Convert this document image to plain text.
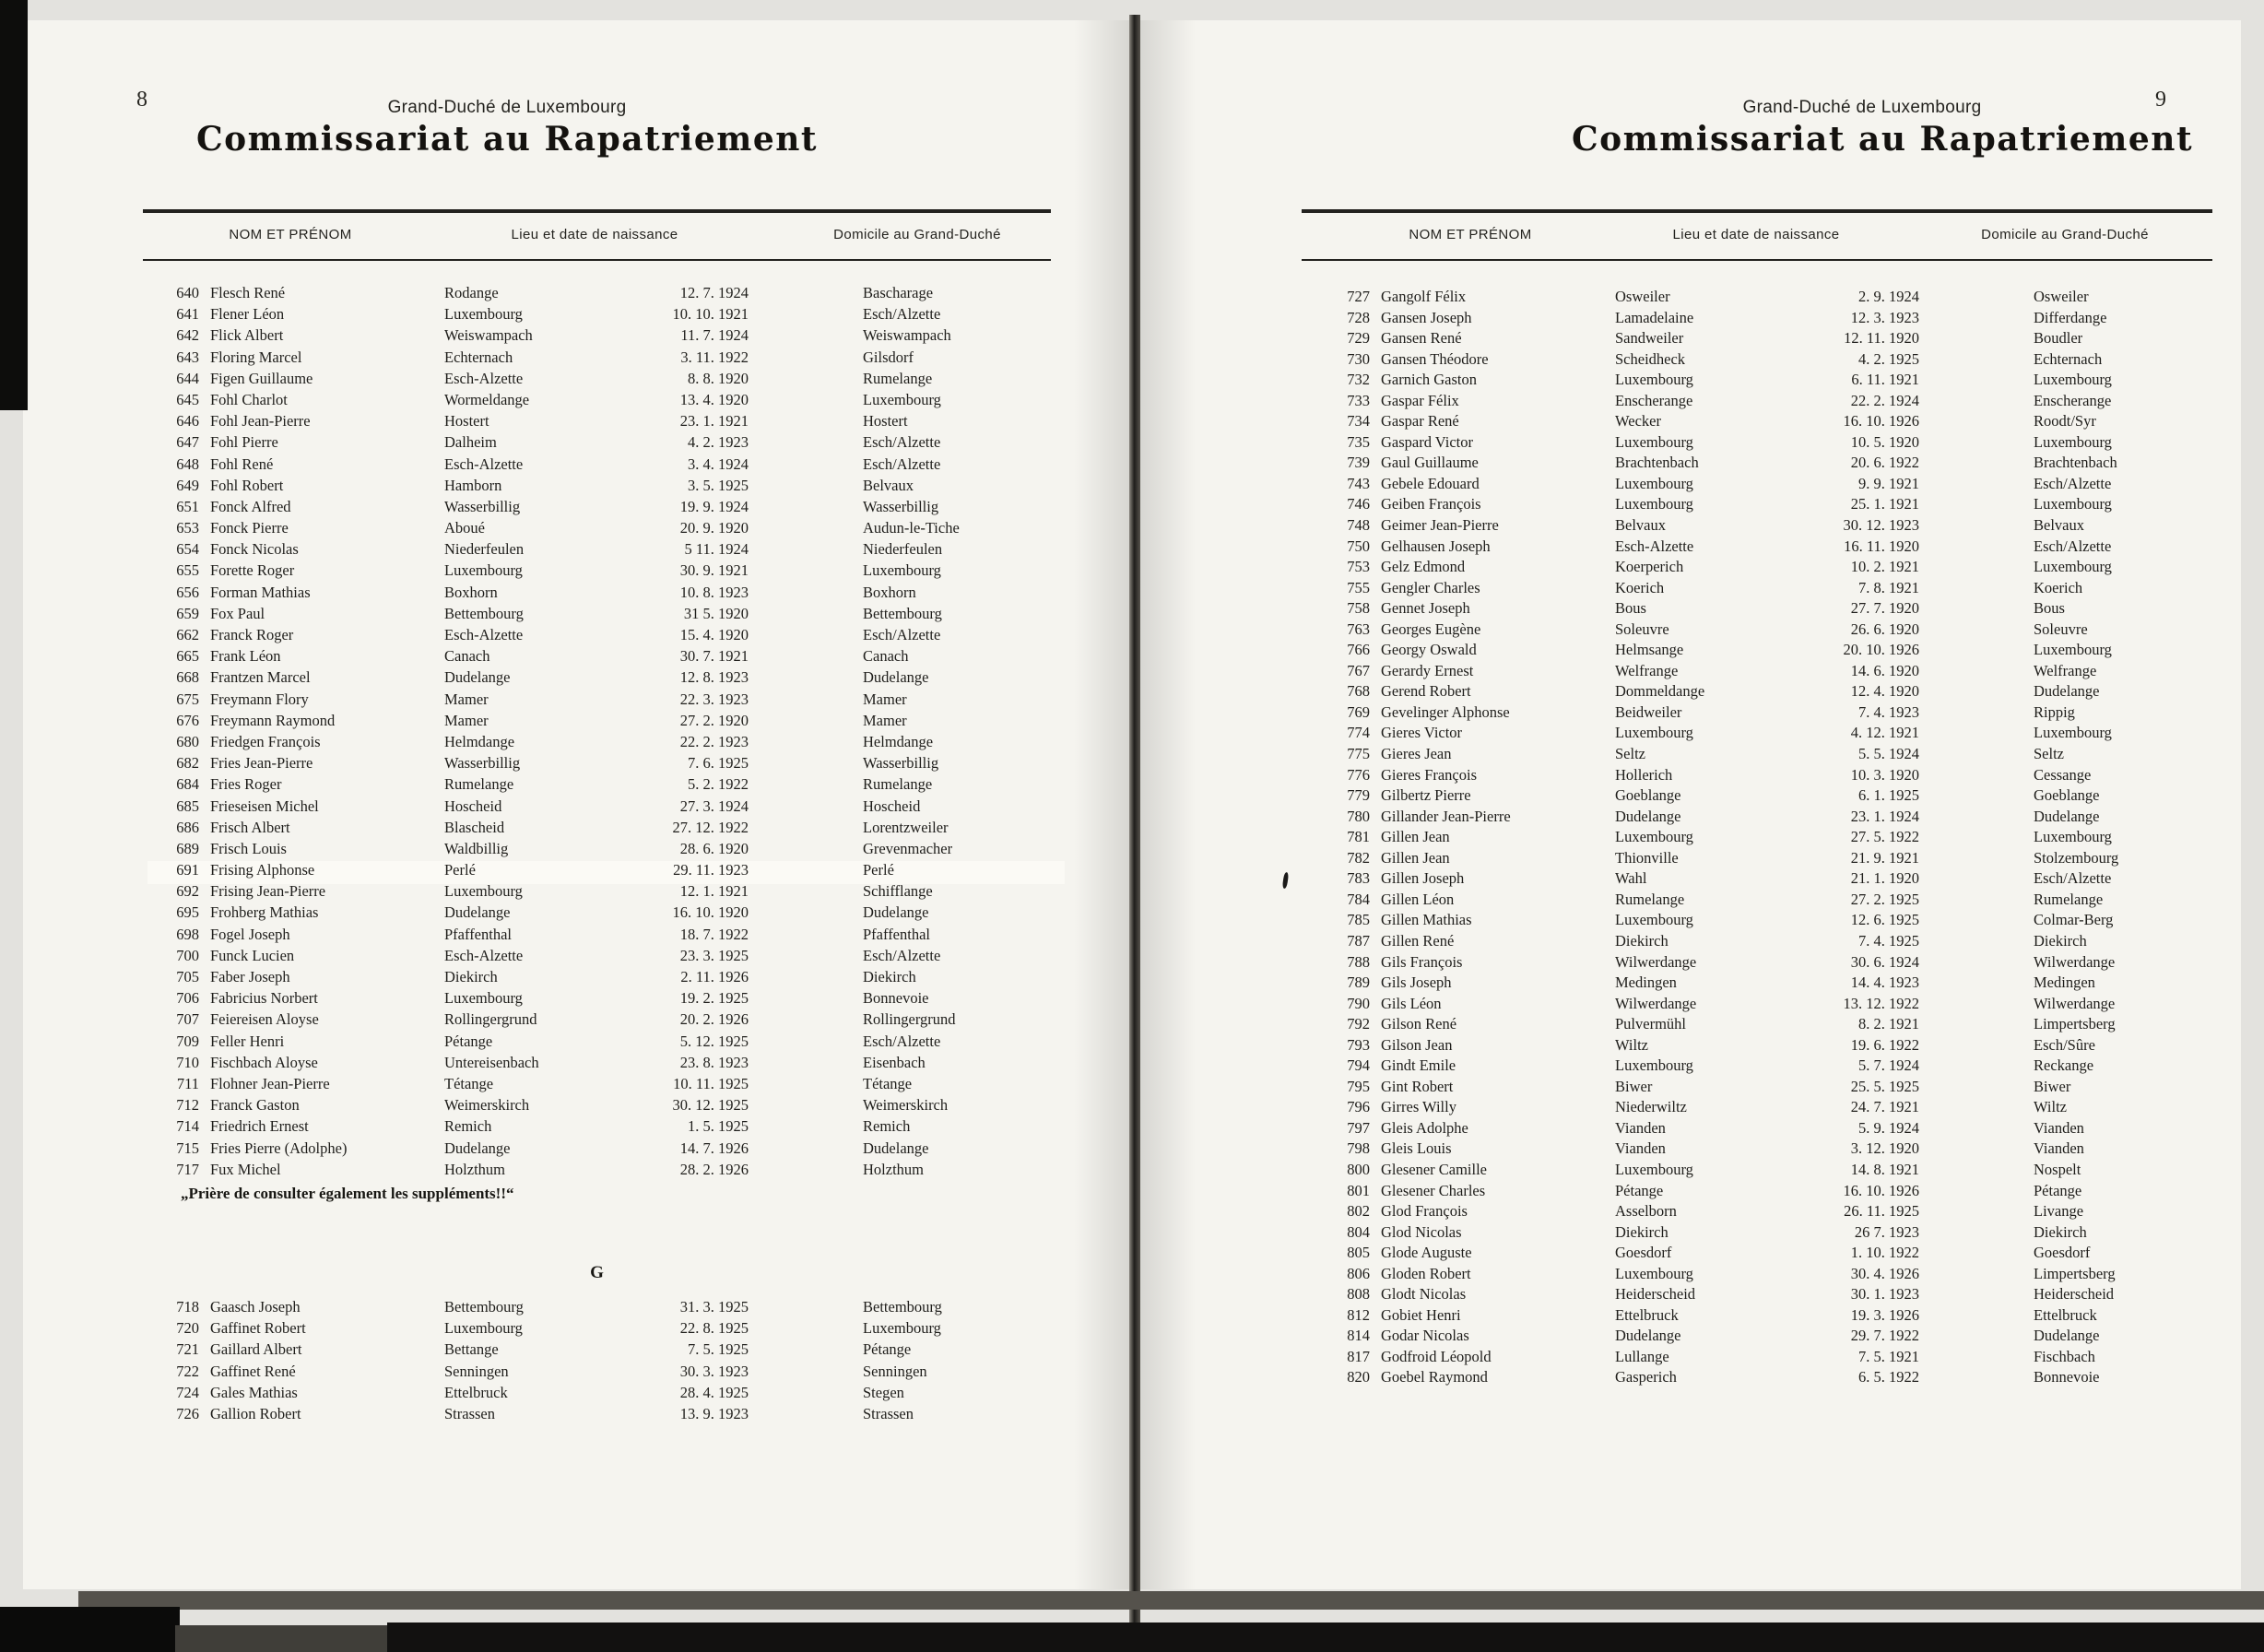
8	Grand-Duché de Luxembourg
Commissariat au Rapatriement
NOM ET PRÉNOM	Lieu et date de naissance	Domicile au Grand-Duché
640 Flesch René	Rodange	12. 7. 1924	Bascharage
641 Flener Léon	Luxembourg	10. 10. 1921	Esch/Alzette
642 Flick Albert	Weiswampach	11. 7. 1924	Weiswampach
643 Floring Marcel	Echternach	3. 11. 1922	Gilsdorf
644 Figen Guillaume	Esch-Alzette	8. 8. 1920	Rumelange
645 Fohl Charlot	Wormeldange	13. 4. 1920	Luxembourg
646 Fohl Jean-Pierre	Hostert	23. 1. 1921	Hostert
647 Fohl Pierre	Dalheim	4. 2. 1923	Esch/Alzette
648 Fohl René	Esch-Alzette	3. 4. 1924	Esch/Alzette
649 Fohl Robert	Hamborn	3. 5. 1925	Belvaux
651 Fonck Alfred	Wasserbillig	19. 9. 1924	Wasserbillig
653 Fonck Pierre	Aboué	20. 9. 1920	Audun-le-Tiche
654 Fonck Nicolas	Niederfeulen	5 11. 1924	Niederfeulen
655 Forette Roger	Luxembourg	30. 9. 1921	Luxembourg
656 Forman Mathias	Boxhorn	10. 8. 1923	Boxhorn
659 Fox Paul	Bettembourg	31 5. 1920	Bettembourg
662 Franck Roger	Esch-Alzette	15. 4. 1920	Esch/Alzette
665 Frank Léon	Canach	30. 7. 1921	Canach
668 Frantzen Marcel	Dudelange	12. 8. 1923	Dudelange
675 Freymann Flory	Mamer	22. 3. 1923	Mamer
676 Freymann Raymond	Mamer	27. 2. 1920	Mamer
680 Friedgen François	Helmdange	22. 2. 1923	Helmdange
682 Fries Jean-Pierre	Wasserbillig	7. 6. 1925	Wasserbillig
684 Fries Roger	Rumelange	5. 2. 1922	Rumelange
685 Frieseisen Michel	Hoscheid	27. 3. 1924	Hoscheid
686 Frisch Albert	Blascheid	27. 12. 1922	Lorentzweiler
689 Frisch Louis	Waldbillig	28. 6. 1920	Grevenmacher
691 Frising Alphonse	Perlé	29. 11. 1923	Perlé
692 Frising Jean-Pierre	Luxembourg	12. 1. 1921	Schifflange
695 Frohberg Mathias	Dudelange	16. 10. 1920	Dudelange
698 Fogel Joseph	Pfaffenthal	18. 7. 1922	Pfaffenthal
700 Funck Lucien	Esch-Alzette	23. 3. 1925	Esch/Alzette
705 Faber Joseph	Diekirch	2. 11. 1926	Diekirch
706 Fabricius Norbert	Luxembourg	19. 2. 1925	Bonnevoie
707 Feiereisen Aloyse	Rollingergrund	20. 2. 1926	Rollingergrund
709 Feller Henri	Pétange	5. 12. 1925	Esch/Alzette
710 Fischbach Aloyse	Untereisenbach	23. 8. 1923	Eisenbach
711 Flohner Jean-Pierre	Tétange	10. 11. 1925	Tétange
712 Franck Gaston	Weimerskirch	30. 12. 1925	Weimerskirch
714 Friedrich Ernest	Remich	1. 5. 1925	Remich
715 Fries Pierre (Adolphe)	Dudelange	14. 7. 1926	Dudelange
717 Fux Michel	Holzthum	28. 2. 1926	Holzthum
„Prière de consulter également les suppléments!!“
G
718 Gaasch Joseph	Bettembourg	31. 3. 1925	Bettembourg
720 Gaffinet Robert	Luxembourg	22. 8. 1925	Luxembourg
721 Gaillard Albert	Bettange	7. 5. 1925	Pétange
722 Gaffinet René	Senningen	30. 3. 1923	Senningen
724 Gales Mathias	Ettelbruck	28. 4. 1925	Stegen
726 Gallion Robert	Strassen	13. 9. 1923	Strassen
9
Grand-Duché de Luxembourg
Commissariat au Rapatriement
NOM ET PRÉNOM	Lieu et date de naissance	Domicile au Grand-Duché
727 Gangolf Félix	Osweiler	2. 9. 1924	Osweiler
728 Gansen Joseph	Lamadelaine	12. 3. 1923	Differdange
729 Gansen René	Sandweiler	12. 11. 1920	Boudler
730 Gansen Théodore	Scheidheck	4. 2. 1925	Echternach
732 Garnich Gaston	Luxembourg	6. 11. 1921	Luxembourg
733 Gaspar Félix	Enscherange	22. 2. 1924	Enscherange
734 Gaspar René	Wecker	16. 10. 1926	Roodt/Syr
735 Gaspard Victor	Luxembourg	10. 5. 1920	Luxembourg
739 Gaul Guillaume	Brachtenbach	20. 6. 1922	Brachtenbach
743 Gebele Edouard	Luxembourg	9. 9. 1921	Esch/Alzette
746 Geiben François	Luxembourg	25. 1. 1921	Luxembourg
748 Geimer Jean-Pierre	Belvaux	30. 12. 1923	Belvaux
750 Gelhausen Joseph	Esch-Alzette	16. 11. 1920	Esch/Alzette
753 Gelz Edmond	Koerperich	10. 2. 1921	Luxembourg
755 Gengler Charles	Koerich	7. 8. 1921	Koerich
758 Gennet Joseph	Bous	27. 7. 1920	Bous
763 Georges Eugène	Soleuvre	26. 6. 1920	Soleuvre
766 Georgy Oswald	Helmsange	20. 10. 1926	Luxembourg
767 Gerardy Ernest	Welfrange	14. 6. 1920	Welfrange
768 Gerend Robert	Dommeldange	12. 4. 1920	Dudelange
769 Gevelinger Alphonse	Beidweiler	7. 4. 1923	Rippig
774 Gieres Victor	Luxembourg	4. 12. 1921	Luxembourg
775 Gieres Jean	Seltz	5. 5. 1924	Seltz
776 Gieres François	Hollerich	10. 3. 1920	Cessange
779 Gilbertz Pierre	Goeblange	6. 1. 1925	Goeblange
780 Gillander Jean-Pierre	Dudelange	23. 1. 1924	Dudelange
781 Gillen Jean	Luxembourg	27. 5. 1922	Luxembourg
782 Gillen Jean	Thionville	21. 9. 1921	Stolzembourg
783 Gillen Joseph	Wahl	21. 1. 1920	Esch/Alzette
784 Gillen Léon	Rumelange	27. 2. 1925	Rumelange
785 Gillen Mathias	Luxembourg	12. 6. 1925	Colmar-Berg
787 Gillen René	Diekirch	7. 4. 1925	Diekirch
788 Gils François	Wilwerdange	30. 6. 1924	Wilwerdange
789 Gils Joseph	Medingen	14. 4. 1923	Medingen
790 Gils Léon	Wilwerdange	13. 12. 1922	Wilwerdange
792 Gilson René	Pulvermühl	8. 2. 1921	Limpertsberg
793 Gilson Jean	Wiltz	19. 6. 1922	Esch/Sûre
794 Gindt Emile	Luxembourg	5. 7. 1924	Reckange
795 Gint Robert	Biwer	25. 5. 1925	Biwer
796 Girres Willy	Niederwiltz	24. 7. 1921	Wiltz
797 Gleis Adolphe	Vianden	5. 9. 1924	Vianden
798 Gleis Louis	Vianden	3. 12. 1920	Vianden
800 Glesener Camille	Luxembourg	14. 8. 1921	Nospelt
801 Glesener Charles	Pétange	16. 10. 1926	Pétange
802 Glod François	Asselborn	26. 11. 1925	Livange
804 Glod Nicolas	Diekirch	26 7. 1923	Diekirch
805 Glode Auguste	Goesdorf	1. 10. 1922	Goesdorf
806 Gloden Robert	Luxembourg	30. 4. 1926	Limpertsberg
808 Glodt Nicolas	Heiderscheid	30. 1. 1923	Heiderscheid
812 Gobiet Henri	Ettelbruck	19. 3. 1926	Ettelbruck
814 Godar Nicolas	Dudelange	29. 7. 1922	Dudelange
817 Godfroid Léopold	Lullange	7. 5. 1921	Fischbach
820 Goebel Raymond	Gasperich	6. 5. 1922	Bonnevoie
